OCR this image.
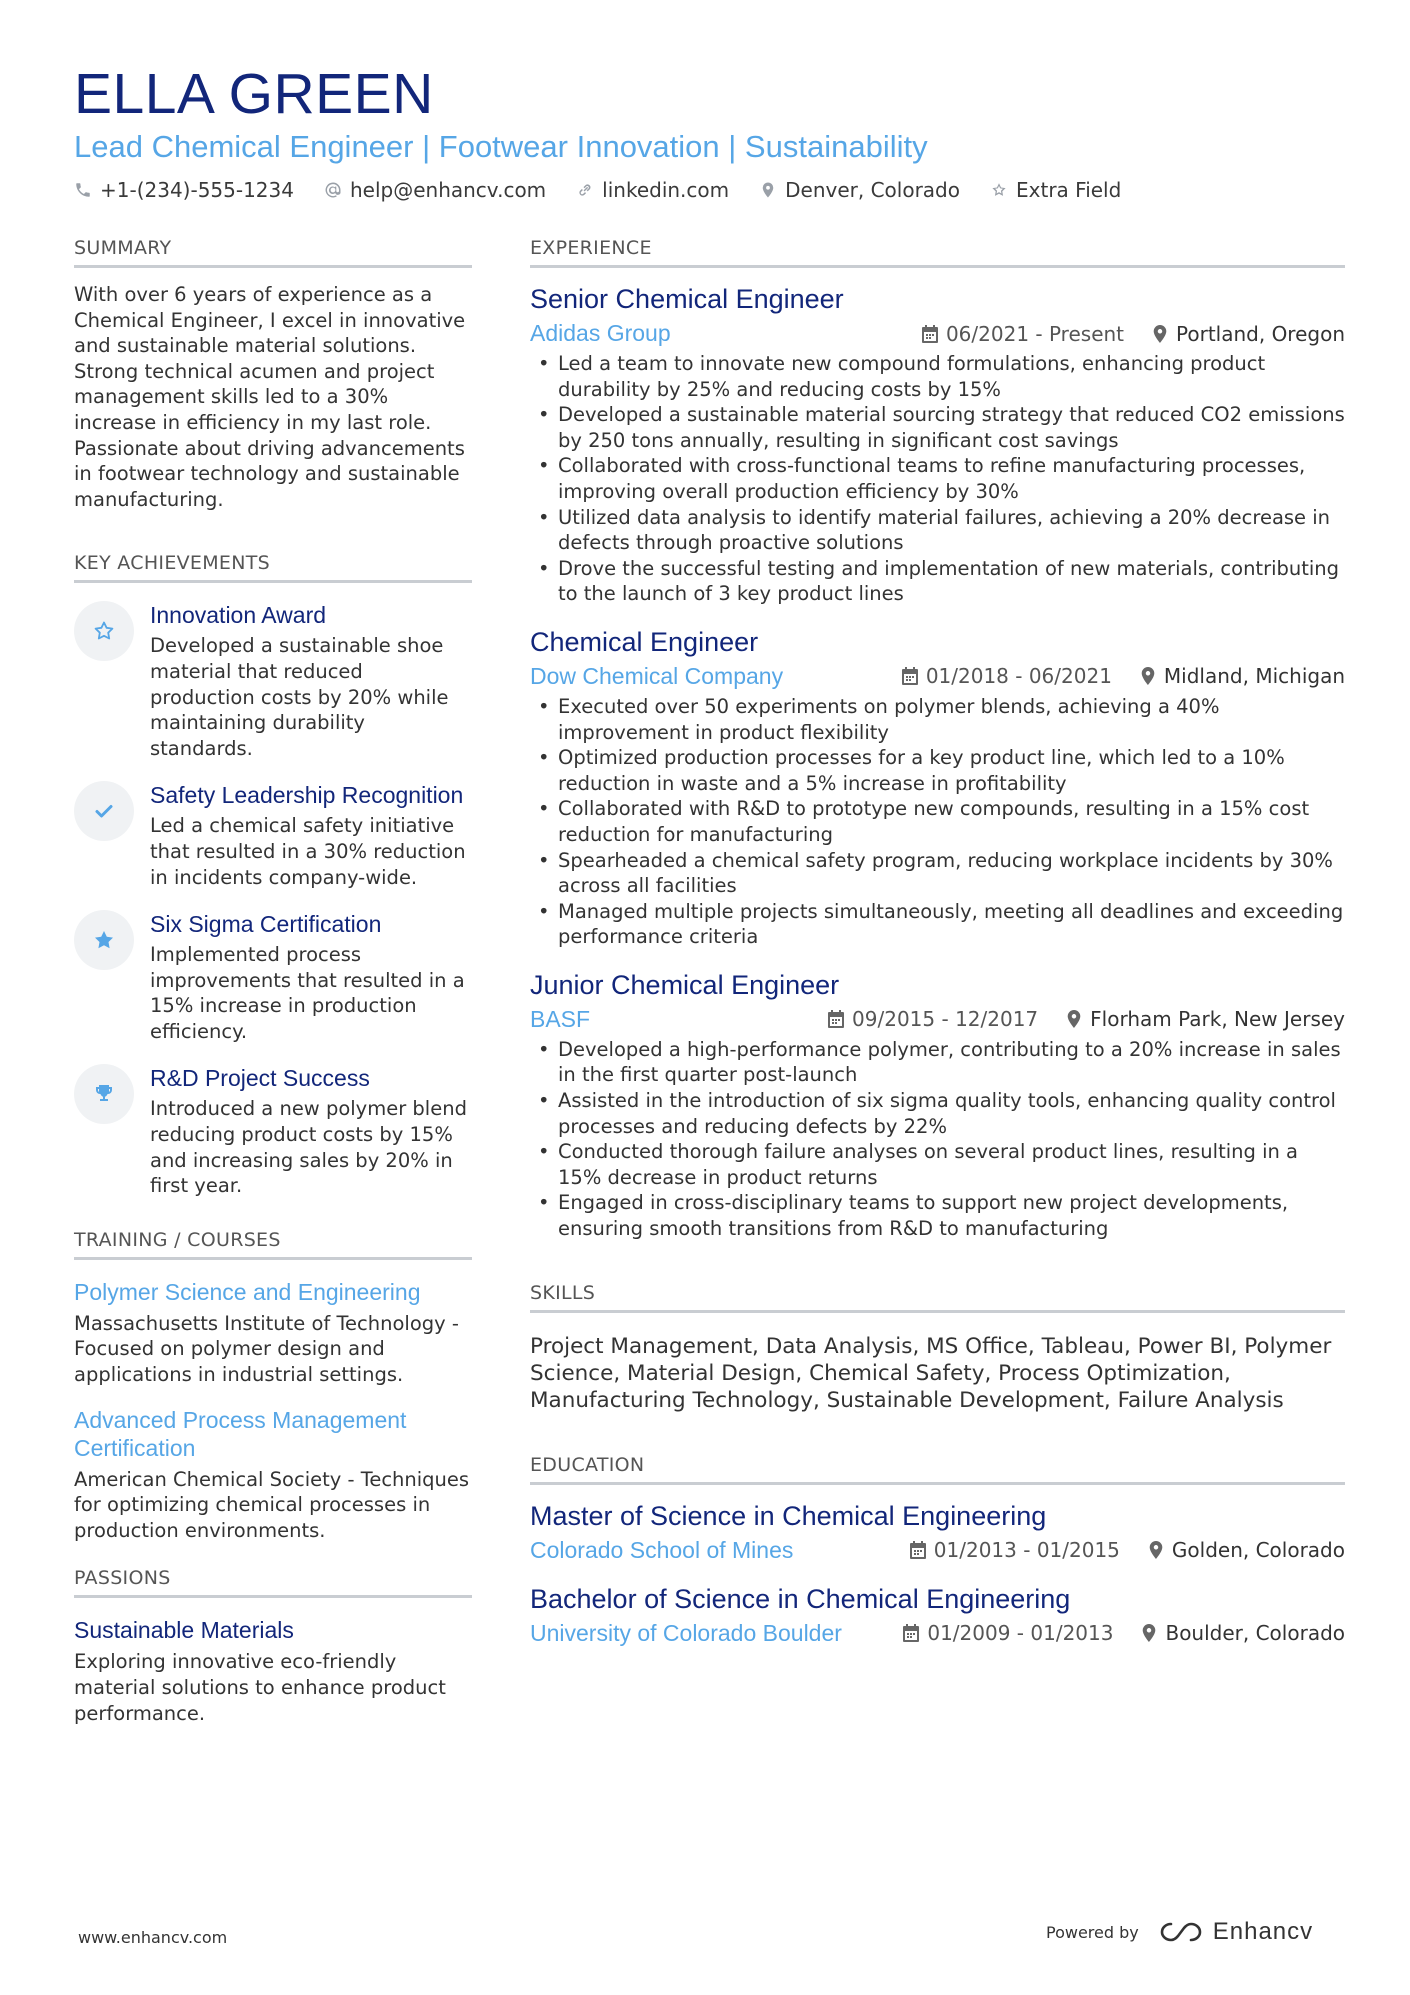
ELLA GREEN
Lead Chemical Engineer | Footwear Innovation | Sustainability
+1-(234)-555-1234	help@enhancv.com	linkedin.com	Denver, Colorado	Extra Field
SUMMARY
With over 6 years of experience as a Chemical Engineer, I excel in innovative and sustainable material solutions. Strong technical acumen and project management skills led to a 30% increase in efficiency in my last role. Passionate about driving advancements in footwear technology and sustainable manufacturing.
KEY ACHIEVEMENTS
Innovation Award
Developed a sustainable shoe material that reduced production costs by 20% while maintaining durability standards.
Safety Leadership Recognition
Led a chemical safety initiative that resulted in a 30% reduction in incidents company-wide.
Six Sigma Certification
Implemented process improvements that resulted in a 15% increase in production efficiency.
R&D Project Success
Introduced a new polymer blend reducing product costs by 15% and increasing sales by 20% in first year.
TRAINING / COURSES
Polymer Science and Engineering
Massachusetts Institute of Technology - Focused on polymer design and applications in industrial settings.
Advanced Process Management Certification
American Chemical Society - Techniques for optimizing chemical processes in production environments.
PASSIONS
Sustainable Materials
Exploring innovative eco-friendly material solutions to enhance product performance.
EXPERIENCE
Senior Chemical Engineer
Adidas Group	06/2021 - Present	Portland, Oregon
• Led a team to innovate new compound formulations, enhancing product durability by 25% and reducing costs by 15%
• Developed a sustainable material sourcing strategy that reduced CO2 emissions by 250 tons annually, resulting in significant cost savings
• Collaborated with cross-functional teams to refine manufacturing processes, improving overall production efficiency by 30%
• Utilized data analysis to identify material failures, achieving a 20% decrease in defects through proactive solutions
• Drove the successful testing and implementation of new materials, contributing to the launch of 3 key product lines
Chemical Engineer
Dow Chemical Company	01/2018 - 06/2021	Midland, Michigan
• Executed over 50 experiments on polymer blends, achieving a 40% improvement in product flexibility
• Optimized production processes for a key product line, which led to a 10% reduction in waste and a 5% increase in profitability
• Collaborated with R&D to prototype new compounds, resulting in a 15% cost reduction for manufacturing
• Spearheaded a chemical safety program, reducing workplace incidents by 30% across all facilities
• Managed multiple projects simultaneously, meeting all deadlines and exceeding performance criteria
Junior Chemical Engineer
BASF	09/2015 - 12/2017	Florham Park, New Jersey
• Developed a high-performance polymer, contributing to a 20% increase in sales in the first quarter post-launch
• Assisted in the introduction of six sigma quality tools, enhancing quality control processes and reducing defects by 22%
• Conducted thorough failure analyses on several product lines, resulting in a 15% decrease in product returns
• Engaged in cross-disciplinary teams to support new project developments, ensuring smooth transitions from R&D to manufacturing
SKILLS
Project Management, Data Analysis, MS Office, Tableau, Power BI, Polymer Science, Material Design, Chemical Safety, Process Optimization, Manufacturing Technology, Sustainable Development, Failure Analysis
EDUCATION
Master of Science in Chemical Engineering
Colorado School of Mines	01/2013 - 01/2015	Golden, Colorado
Bachelor of Science in Chemical Engineering
University of Colorado Boulder	01/2009 - 01/2013	Boulder, Colorado
www.enhancv.com	Powered by	Enhancv
